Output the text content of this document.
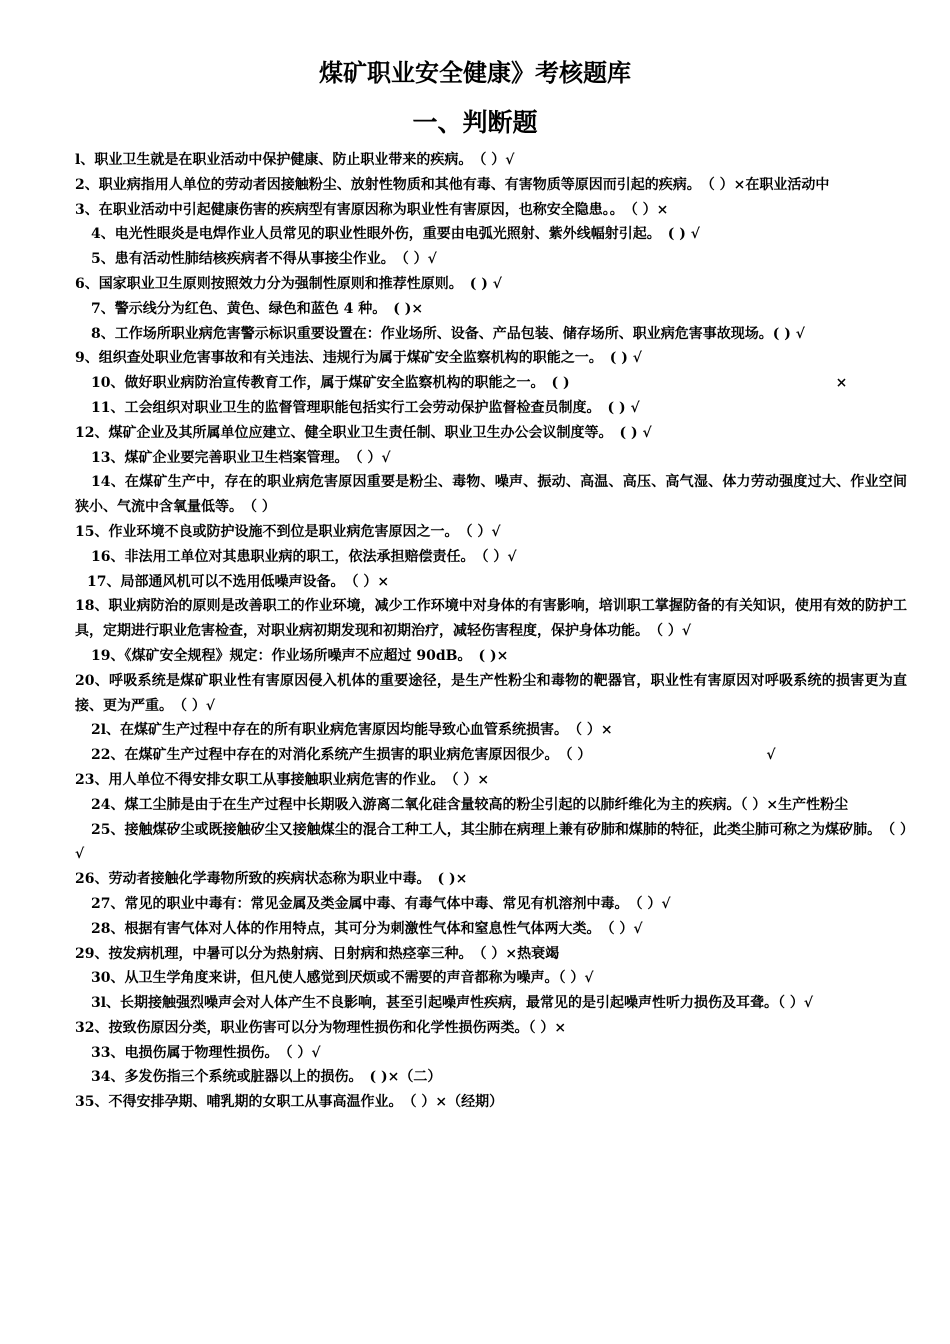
煤矿职业安全健康》考核题库
一、判断题

l、职业卫生就是在职业活动中保护健康、防止职业带来的疾病。　（ ）√

2、职业病指用人单位的劳动者因接触粉尘、放射性物质和其他有毒、有害物质等原因而引起的疾病。　（ ）×在职业活动中

3、在职业活动中引起健康伤害的疾病型有害原因称为职业性有害原因，也称安全隐患。。　（ ）×

4、电光性眼炎是电焊作业人员常见的职业性眼外伤，重要由电弧光照射、紫外线幅射引起。　( ) √

5、患有活动性肺结核疾病者不得从事接尘作业。　（ ）√

6、国家职业卫生原则按照效力分为强制性原则和推荐性原则。　( ) √

7、警示线分为红色、黄色、绿色和蓝色 4 种。　( )×

8、工作场所职业病危害警示标识重要设置在：作业场所、设备、产品包装、储存场所、职业病危害事故现场。( ) √

9、组织查处职业危害事故和有关违法、违规行为属于煤矿安全监察机构的职能之一。　( ) √

10、做好职业病防治宣传教育工作，属于煤矿安全监察机构的职能之一。　( )　　　　　　　　　　　　　　　　　　　×

11、工会组织对职业卫生的监督管理职能包括实行工会劳动保护监督检查员制度。　( ) √

12、煤矿企业及其所属单位应建立、健全职业卫生责任制、职业卫生办公会议制度等。　( ) √

13、煤矿企业要完善职业卫生档案管理。　（ ）√

14、在煤矿生产中，存在的职业病危害原因重要是粉尘、毒物、噪声、振动、高温、高压、高气湿、体力劳动强度过大、作业空间狭小、气流中含氧量低等。　（ ）

15、作业环境不良或防护设施不到位是职业病危害原因之一。　（ ）√

16、非法用工单位对其患职业病的职工，依法承担赔偿责任。　（ ）√

17、局部通风机可以不选用低噪声设备。　（ ）×

18、职业病防治的原则是改善职工的作业环境，减少工作环境中对身体的有害影响，培训职工掌握防备的有关知识，使用有效的防护工具，定期进行职业危害检查，对职业病初期发现和初期治疗，减轻伤害程度，保护身体功能。　（ ）√

19、《煤矿安全规程》规定：作业场所噪声不应超过 90dB。　( )×

20、呼吸系统是煤矿职业性有害原因侵入机体的重要途径，是生产性粉尘和毒物的靶器官，职业性有害原因对呼吸系统的损害更为直接、更为严重。　（ ）√

2l、在煤矿生产过程中存在的所有职业病危害原因均能导致心血管系统损害。　（ ）×

22、在煤矿生产过程中存在的对消化系统产生损害的职业病危害原因很少。　（ ）　　　　　　　　　　　　　√

23、用人单位不得安排女职工从事接触职业病危害的作业。　（ ）×

24、煤工尘肺是由于在生产过程中长期吸入游离二氧化硅含量较高的粉尘引起的以肺纤维化为主的疾病。（ ）×生产性粉尘

25、接触煤矽尘或既接触矽尘又接触煤尘的混合工种工人，其尘肺在病理上兼有矽肺和煤肺的特征，此类尘肺可称之为煤矽肺。　（ ）√

26、劳动者接触化学毒物所致的疾病状态称为职业中毒。　( )×

27、常见的职业中毒有：常见金属及类金属中毒、有毒气体中毒、常见有机溶剂中毒。　（ ）√

28、根据有害气体对人体的作用特点，其可分为刺激性气体和窒息性气体两大类。　（ ）√

29、按发病机理，中暑可以分为热射病、日射病和热痉挛三种。　（ ）×热衰竭

30、从卫生学角度来讲，但凡使人感觉到厌烦或不需要的声音都称为噪声。（ ）√

3l、长期接触强烈噪声会对人体产生不良影响，甚至引起噪声性疾病，最常见的是引起噪声性听力损伤及耳聋。（ ）√

32、按致伤原因分类，职业伤害可以分为物理性损伤和化学性损伤两类。（ ）×

33、电损伤属于物理性损伤。　（ ）√

34、多发伤指三个系统或脏器以上的损伤。　( )×（二）

35、不得安排孕期、哺乳期的女职工从事高温作业。　（ ）×（经期）
